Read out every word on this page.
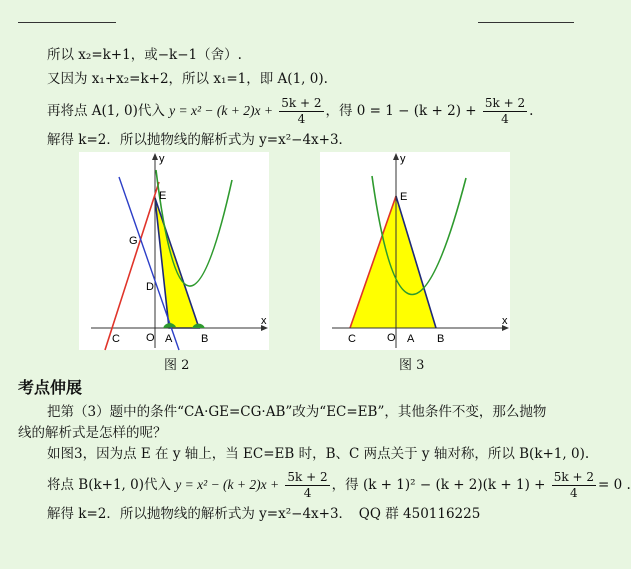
所以 x₂=k+1，或−k−1（舍）.
又因为 x₁+x₂=k+2，所以 x₁=1，即 A(1, 0).
再将点 A(1, 0)代入 $y = x^2 - (k + 2)x + \frac{5k + 2}{4}$ ，得 $0 = 1 - (k + 2) + \frac{5k + 2}{4}$ .
解得 k=2．所以抛物线的解析式为 y=x²−4x+3．
y
x
E
G
D
C O A	B
y
x
E
C	O A B
图 2	图 3
考点伸展
把第（3）题中的条件“CA·GE=CG·AB”改为“EC=EB”，其他条件不变，那么抛物
线的解析式是怎样的呢？
如图3，因为点 E 在 y 轴上，当 EC=EB 时，B、C 两点关于 y 轴对称，所以 B(k+1, 0).
将点 B(k+1, 0)代入 $y = x^2 - (k + 2)x + \frac{5k + 2}{4}$ ，得 $(k + 1)^2 - (k + 2)(k + 1) + \frac{5k + 2}{4} = 0$ .
解得 k=2．所以抛物线的解析式为 y=x²−4x+3．　QQ 群 450116225
